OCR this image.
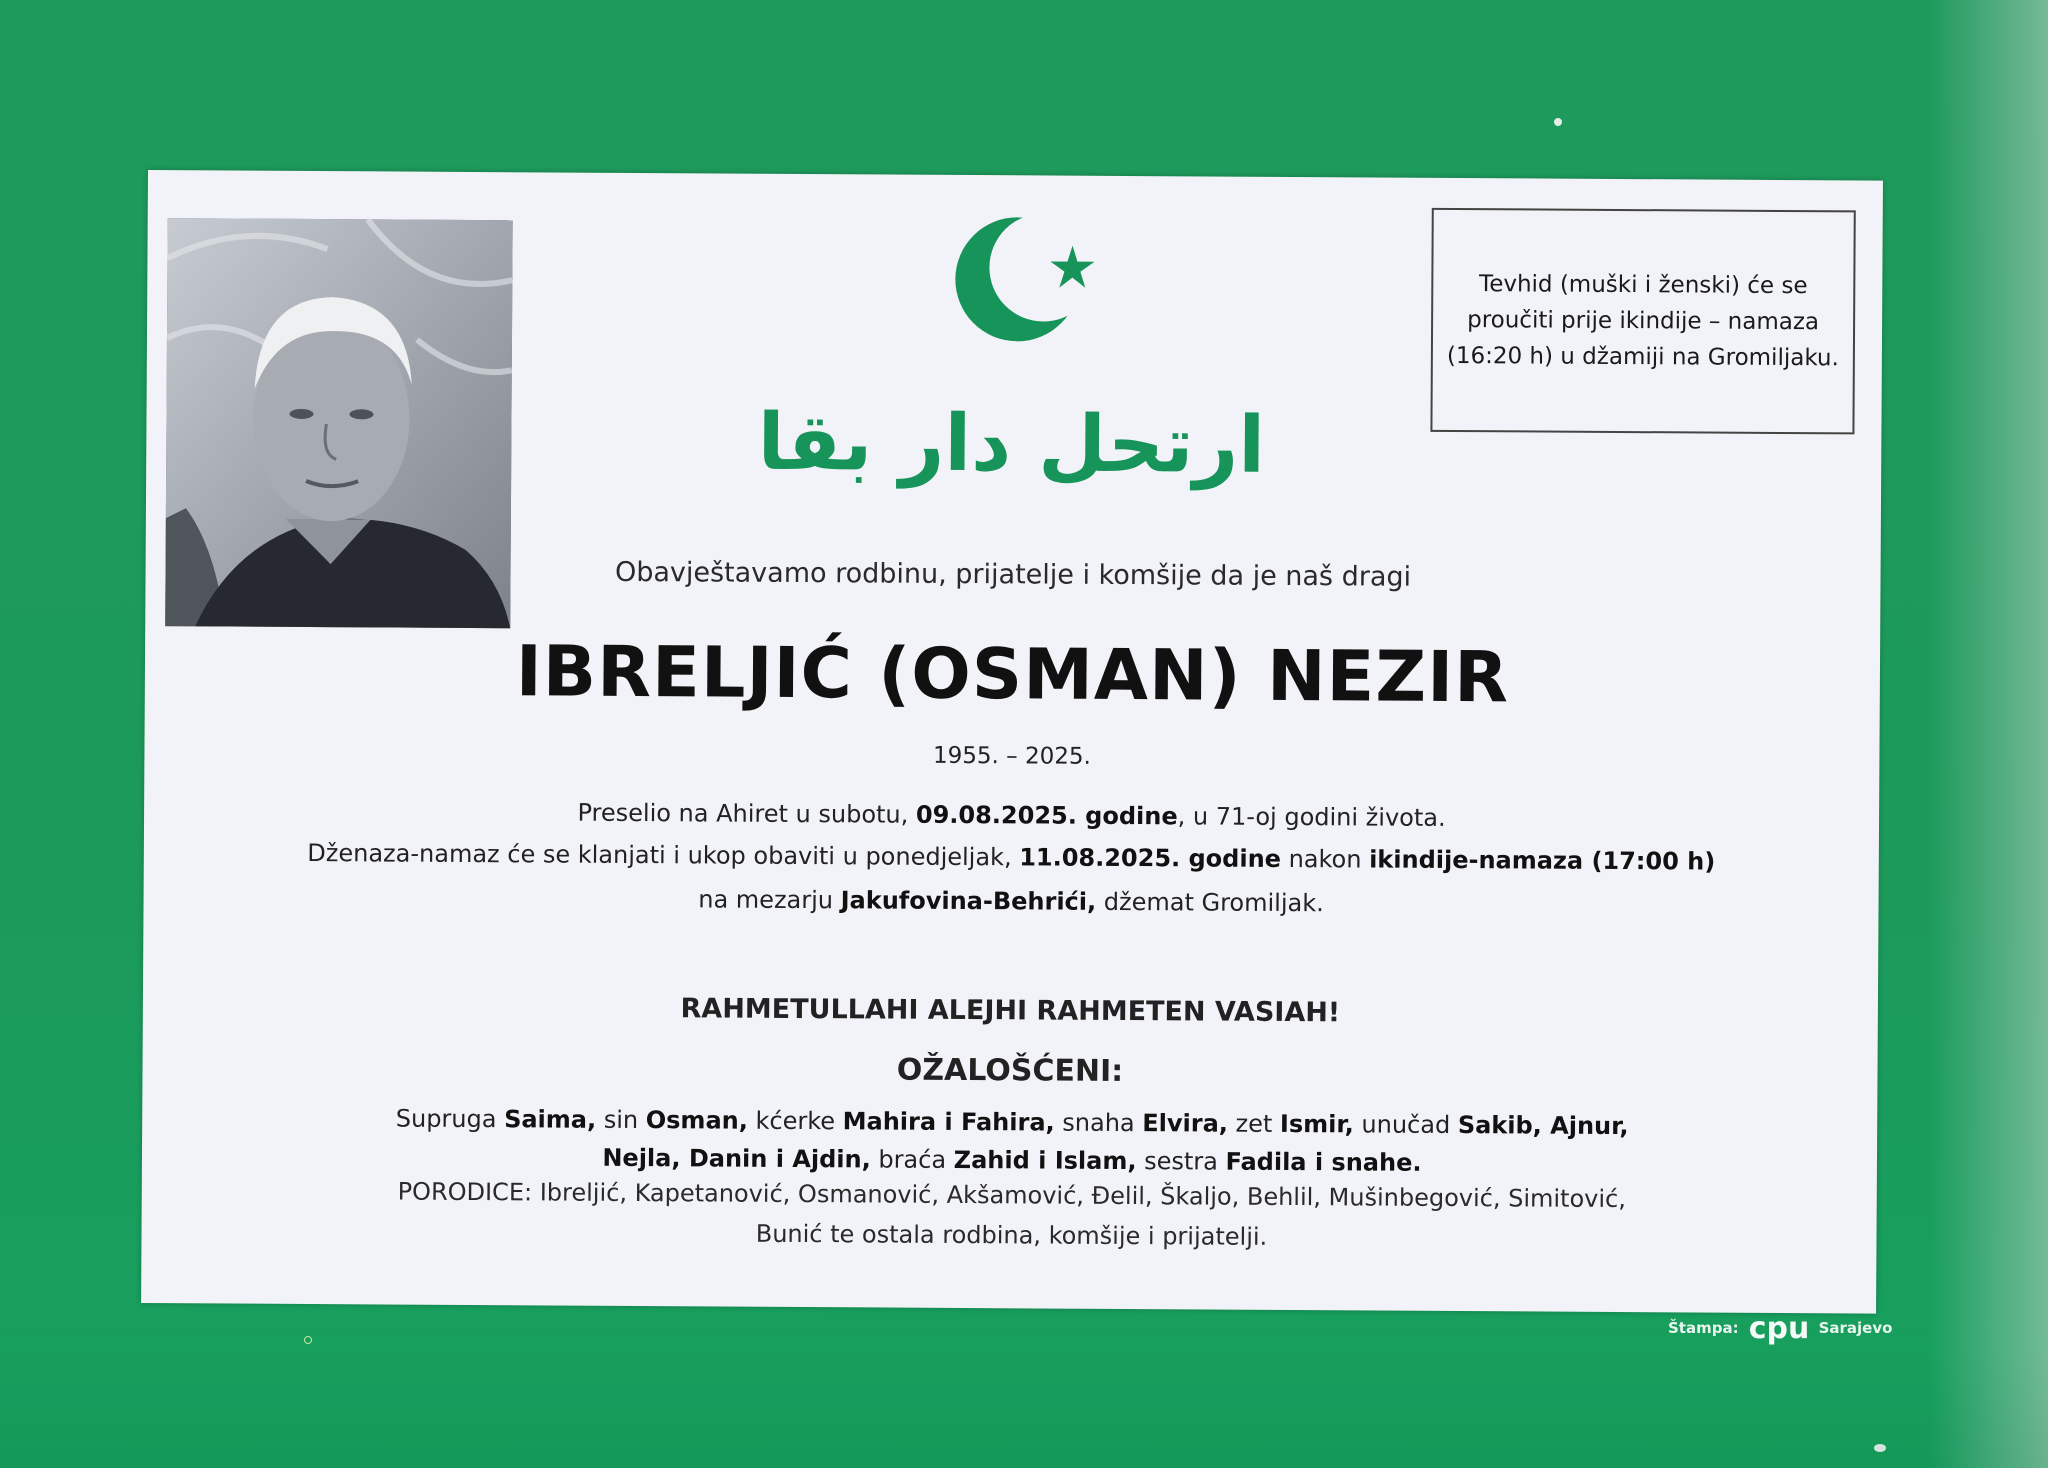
ارتحل دار بقا
Tevhid (muški i ženski) će se proučiti prije ikindije – namaza (16:20 h) u džamiji na Gromiljaku.
Obavještavamo rodbinu, prijatelje i komšije da je naš dragi
IBRELJIĆ (OSMAN) NEZIR
1955. – 2025.
Preselio na Ahiret u subotu, 09.08.2025. godine, u 71-oj godini života.
Dženaza-namaz će se klanjati i ukop obaviti u ponedjeljak, 11.08.2025. godine nakon ikindije-namaza (17:00 h)
na mezarju Jakufovina-Behrići, džemat Gromiljak.
RAHMETULLAHI ALEJHI RAHMETEN VASIAH!
OŽALOŠĆENI:
Supruga Saima, sin Osman, kćerke Mahira i Fahira, snaha Elvira, zet Ismir, unučad Sakib, Ajnur, Nejla, Danin i Ajdin, braća Zahid i Islam, sestra Fadila i snahe.
PORODICE: Ibreljić, Kapetanović, Osmanović, Akšamović, Đelil, Škaljo, Behlil, Mušinbegović, Simitović, Bunić te ostala rodbina, komšije i prijatelji.
Štampa: cpu Sarajevo
